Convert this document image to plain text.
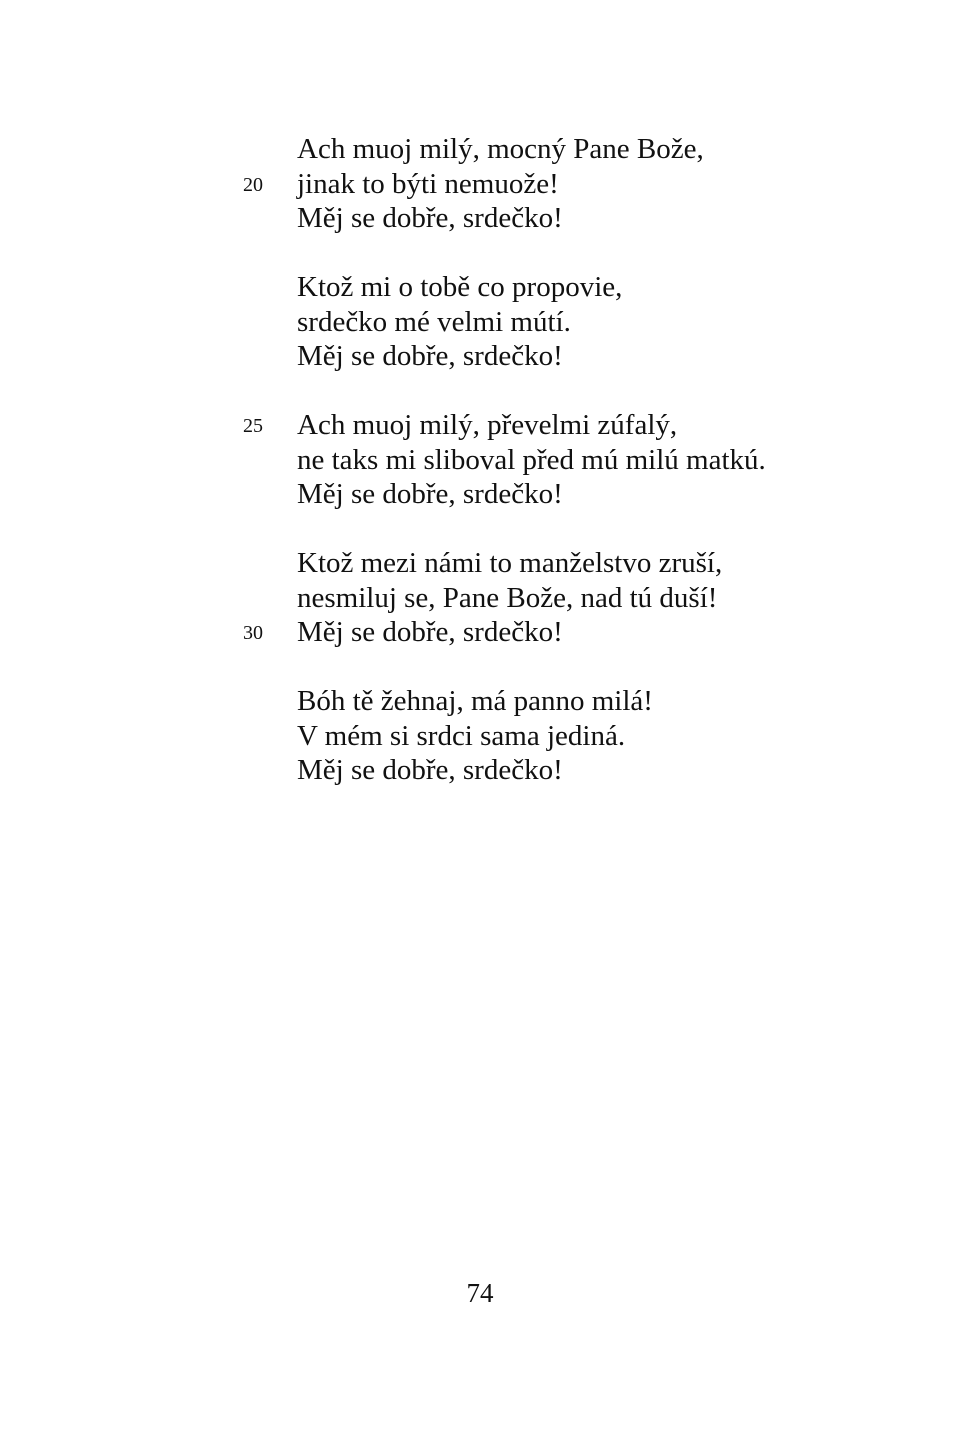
Ach muoj milý, mocný Pane Bože,
20	jinak to býti nemuože!
Měj se dobře, srdečko!
Ktož mi o tobě co propovie,
srdečko mé velmi mútí.
Měj se dobře, srdečko!
25	Ach muoj milý, převelmi zúfalý,
ne taks mi sliboval před mú milú matkú.
Měj se dobře, srdečko!
Ktož mezi námi to manželstvo zruší,
nesmiluj se, Pane Bože, nad tú duší!
30	Měj se dobře, srdečko!
Bóh tě žehnaj, má panno milá!
V mém si srdci sama jediná.
Měj se dobře, srdečko!
74
